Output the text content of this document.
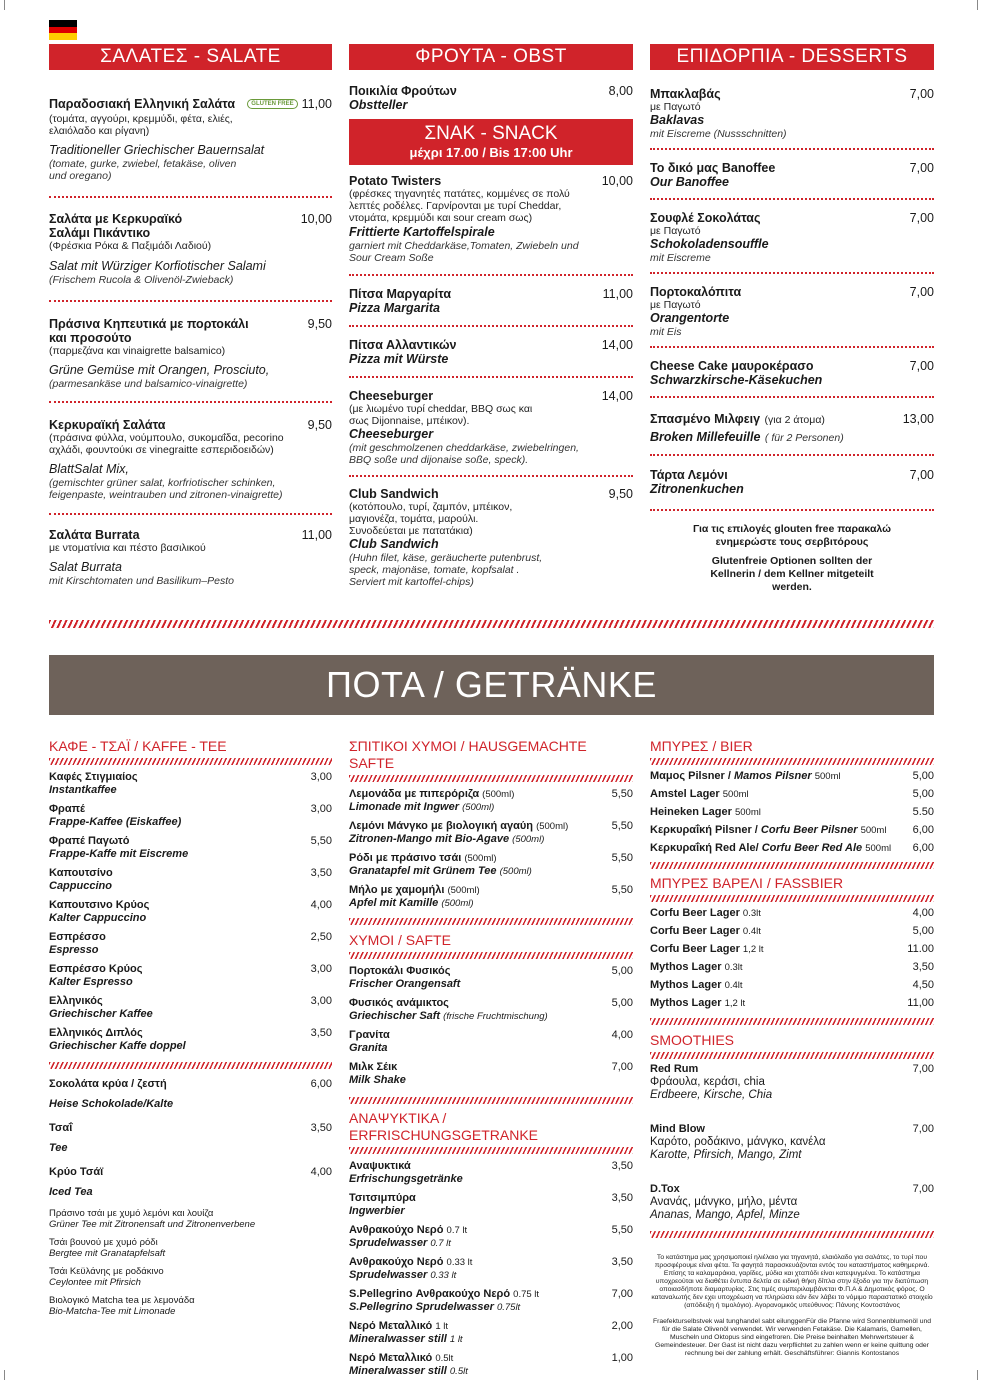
ΣΑΛΑΤΕΣ - SALATE
Παραδοσιακή Ελληνική Σαλάτα	GLUTEN FREE 11,00
(τομάτα, αγγούρι, κρεμμύδι, φέτα, ελιές, ελαιόλαδο και ρίγανη)
Traditioneller Griechischer Bauernsalat
(tomate, gurke, zwiebel, fetakäse, oliven und oregano)
Σαλάτα με Κερκυραϊκό Σαλάμι Πικάντικο
10,00
(Φρέσκια Ρόκα & Παξιμάδι Λαδιού)
Salat mit Würziger Korfiotischer Salami
(Frischem Rucola & Olivenöl-Zwieback)
Πράσινα Κηπευτικά με πορτοκάλι και προσούτο
9,50
(παρμεζάνα και vinaigrette balsamico)
Grüne Gemüse mit Orangen, Prosciuto,
(parmesankäse und balsamico-vinaigrette)
Κερκυραϊκή Σαλάτα	9,50
(πράσινα φύλλα, νούμπουλο, συκομαΐδα, pecorino αχλάδι, φουντούκι σε vinegraitte εσπεριδοειδών)
BlattSalat Mix,
(gemischter grüner salat, korfriotischer schinken, feigenpaste, weintrauben und zitronen-vinaigrette)
Σαλάτα Burrata	11,00
με ντοματίνια και πέστο βασιλικού
Salat Burrata
mit Kirschtomaten und Basilikum–Pesto
ΦΡΟΥΤΑ - OBST
Ποικιλία Φρούτων	8,00
Obstteller
ΣΝΑΚ - SNACK
μέχρι 17.00 / Bis 17:00 Uhr
Potato Twisters	10,00
(φρέσκες τηγανητές πατάτες, κομμένες σε πολύ λεπτές ροδέλες. Γαρνίρονται με τυρί Cheddar, ντομάτα, κρεμμύδι και sour cream σως)
Frittierte Kartoffelspirale
garniert mit Cheddarkäse,Tomaten, Zwiebeln und Sour Cream Soße
Πίτσα Μαργαρίτα	11,00
Pizza Margarita
Πίτσα Αλλαντικών	14,00
Pizza mit Würste
Cheeseburger	14,00
(με λιωμένο τυρί cheddar, BBQ σως και σως Dijonnaise, μπέικον).
Cheeseburger
(mit geschmolzenen cheddarkäse, zwiebelringen, BBQ soße und dijonaise soße, speck).
Club Sandwich	9,50
(κοτόπουλο, τυρί, ζαμπόν, μπέικον, μαγιονέζα, τομάτα, μαρούλι. Συνοδεύεται με πατατάκια)
Club Sandwich
(Huhn filet, käse, geräucherte putenbrust, speck, majonäse, tomate, kopfsalat . Serviert mit kartoffel-chips)
ΕΠΙΔΟΡΠΙΑ - DESSERTS
Μπακλαβάς	7,00
με Παγωτό
Baklavas
mit Eiscreme (Nussschnitten)
Το δικό μας Banoffee	7,00
Our Banoffee
Σουφλέ Σοκολάτας	7,00
με Παγωτό
Schokoladensouffle
mit Eiscreme
Πορτοκαλόπιτα	7,00
με Παγωτό
Orangentorte
mit Eis
Cheese Cake μαυροκέρασο	7,00
Schwarzkirsche-Käsekuchen
Σπασμένο Μιλφειγ (για 2 άτομα)	13,00
Broken Millefeuille ( für 2 Personen)
Τάρτα Λεμόνι	7,00
Zitronenkuchen
Για τις επιλογές glouten free παρακαλώ ενημερώστε τους σερβιτόρους
Glutenfreie Optionen sollten der Kellnerin / dem Kellner mitgeteilt werden.
ΠΟΤΑ / GETRÄNKE
ΚΑΦΕ - ΤΣΑΪ / KAFFE - TEE
Καφές Στιγμιαίος	3,00
Instantkaffee
Φραπέ	3,00
Frappe-Kaffee (Eiskaffee)
Φραπέ Παγωτό	5,50
Frappe-Kaffe mit Eiscreme
Καπουτσίνο	3,50
Cappuccino
Καπουτσινο Κρύος	4,00
Kalter Cappuccino
Εσπρέσσο	2,50
Espresso
Εσπρέσσο Κρύος	3,00
Kalter Espresso
Ελληνικός	3,00
Griechischer Kaffee
Ελληνικός Διπλός	3,50
Griechischer Kaffe doppel
Σοκολάτα κρύα / ζεστή	6,00
Heise Schokolade/Kalte
Τσαΐ	3,50
Tee
Κρύο Τσάϊ	4,00
Iced Tea
Πράσινο τσάι με χυμό λεμόνι και λουίζα
Grüner Tee mit Zitronensaft und Zitronenverbene
Τσάι βουνού με χυμό ρόδι
Bergtee mit Granatapfelsaft
Τσάι Κεϋλάνης με ροδάκινο
Ceylontee mit Pfirsich
Βιολογικό Matcha tea με λεμονάδα
Bio-Matcha-Tee mit Limonade
ΣΠΙΤΙΚΟΙ ΧΥΜΟΙ / HAUSGEMACHTE SAFTE
Λεμονάδα με πιπερόριζα (500ml)	5,50
Limonade mit Ingwer (500ml)
Λεμόνι Μάνγκο με βιολογική αγαύη (500ml)	5,50
Zitronen-Mango mit Bio-Agave (500ml)
Ρόδι με πράσινο τσάι (500ml)	5,50
Granatapfel mit Grünem Tee (500ml)
Μήλο με χαμομήλι (500ml)	5,50
Apfel mit Kamille (500ml)
ΧΥΜΟΙ / SAFTE
Πορτοκάλι Φυσικός	5,00
Frischer Orangensaft
Φυσικός ανάμικτος	5,00
Griechischer Saft (frische Fruchtmischung)
Γρανίτα	4,00
Granita
Μιλκ Σέικ	7,00
Milk Shake
ΑΝΑΨΥΚΤΙΚΑ / ERFRISCHUNGSGETRANKE
Αναψυκτικά	3,50
Erfrischungsgetränke
Τσιτσιμπύρα	3,50
Ingwerbier
Ανθρακούχο Νερό 0.7 lt	5,50
Sprudelwasser 0.7 lt
Ανθρακούχο Νερό 0.33 lt	3,50
Sprudelwasser 0.33 lt
S.Pellegrino Ανθρακούχο Νερό 0.75 lt	7,00
S.Pellegrino Sprudelwasser 0.75lt
Νερό Μεταλλικό 1 lt	2,00
Mineralwasser still 1 lt
Νερό Μεταλλικό 0.5lt	1,00
Mineralwasser still 0.5lt
ΜΠΥΡΕΣ / BIER
Μαμος Pilsner / Mamos Pilsner 500ml	5,00
Amstel Lager 500ml	5,00
Heineken Lager 500ml	5.50
Κερκυραΐκή Pilsner / Corfu Beer Pilsner 500ml 6,00
Κερκυραΐκή Red Ale/ Corfu Beer Red Ale 500ml 6,00
ΜΠΥΡΕΣ ΒΑΡΕΛΙ / FASSBIER
Corfu Beer Lager 0.3lt	4,00
Corfu Beer Lager 0.4lt	5,00
Corfu Beer Lager 1,2 lt	11.00
Mythos Lager 0.3lt	3,50
Mythos Lager 0.4lt	4,50
Mythos Lager 1,2 lt	11,00
SMOOTHIES
Red Rum	7,00
Φράουλα, κεράσι, chia
Erdbeere, Kirsche, Chia
Mind Blow	7,00
Καρότο, ροδάκινο, μάνγκο, κανέλα
Karotte, Pfirsich, Mango, Zimt
D.Tox	7,00
Ανανάς, μάνγκο, μήλο, μέντα
Ananas, Mango, Apfel, Minze
Το κατάστημα μας χρησιμοποιεί ηλιέλαιο για τηγανητά, ελαιόλαδο για σαλάτες, το τυρί που προσφέρουμε είναι φέτα. Τα φαγητά παρασκευάζονται εντός του καταστήματος καθημερινά. Επίσης τα καλαμαράκια, γαρίδες, μύδια και χταπόδι είναι κατεψυγμένα. Το κατάστημα υποχρεούται να διαθέτει έντυπα δελτία σε ειδική θήκη δίπλα στην έξοδο για την διατύπωση οποιασδήποτε διαμαρτυρίας. Στις τιμές συμπεριλαμβάνεται Φ.Π.Α & Δημοτικός φόρος. Ο καταναλωτής δεν εχει υποχρέωση να πληρώσει εάν δεν λάβει το νόμιμο παραστατικό στοιχείο (απόδειξη ή τιμολόγιο). Αγορανομικός υπεύθυνος: Πάνυης Κοντοστάνος
Fraefekturselbstvek wal tunghandel sabt eilunggenFür die Pfanne wird Sonnenblumenöl und für die Salate Olivenöl verwendet. Wir verwenden Fetakäse. Die Kalamaris, Garnellen, Muscheln und Oktopus sind eingefroren. Die Preise beinhalten Mehrwertsteuer & Gemeindesteuer. Der Gast ist nicht dazu verpflichtet zu zahlen wenn er keine quittung oder rechnung bei der zahlung erhält. Geschäftsführer: Giannis Kontostanos
